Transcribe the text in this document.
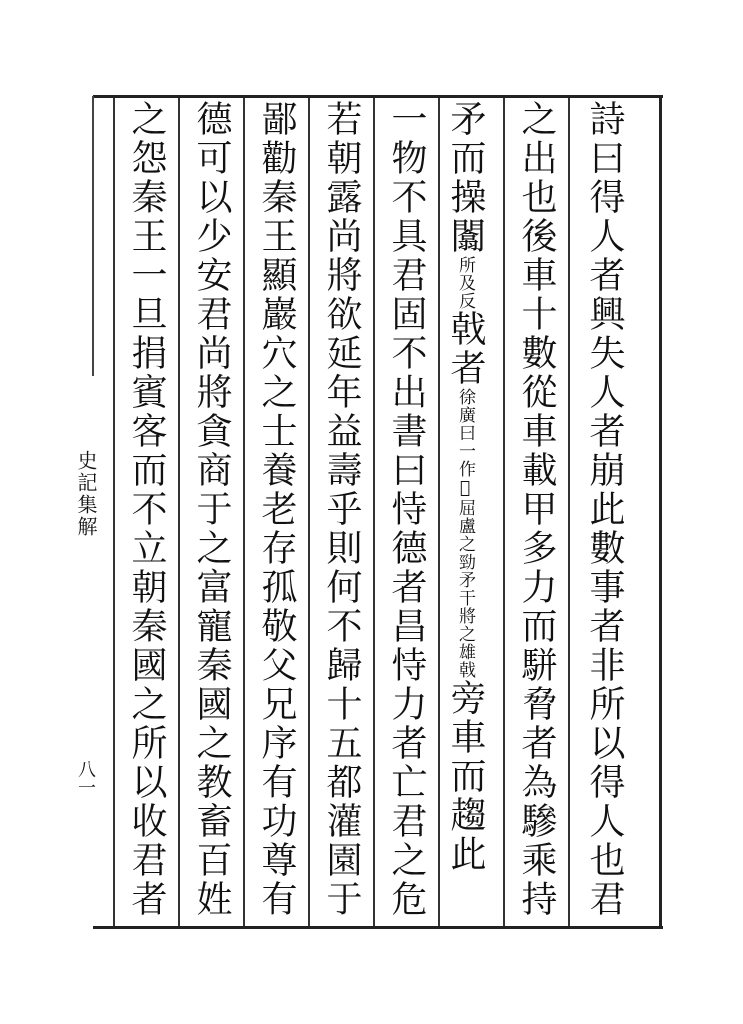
詩曰得人者興失人者崩此數事者非所以得人也君
之出也後車十數從車載甲多力而駢脅者為驂乘持
矛而操闟所及反戟者徐廣曰一作𫿯屈盧之勁矛干將之雄戟旁車而趨此
一物不具君固不出書曰恃德者昌恃力者亡君之危
若朝露尚將欲延年益壽乎則何不歸十五都灌園于
鄙勸秦王顯巖穴之士養老存孤敬父兄序有功尊有
德可以少安君尚將貪商于之富寵秦國之教畜百姓
之怨秦王一旦捐賓客而不立朝秦國之所以收君者
史記集解
八一
